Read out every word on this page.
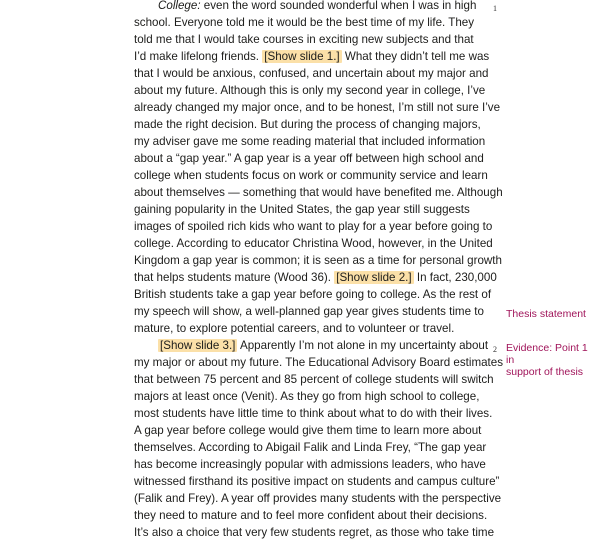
1
2
Thesis statement
Evidence: Point 1 in
support of thesis
College: even the word sounded wonderful when I was in high
school. Everyone told me it would be the best time of my life. They
told me that I would take courses in exciting new subjects and that
I’d make lifelong friends. [Show slide 1.] What they didn’t tell me was
that I would be anxious, confused, and uncertain about my major and
about my future. Although this is only my second year in college, I’ve
already changed my major once, and to be honest, I’m still not sure I’ve
made the right decision. But during the process of changing majors,
my adviser gave me some reading material that included information
about a “gap year.” A gap year is a year off between high school and
college when students focus on work or community service and learn
about themselves — something that would have benefited me. Although
gaining popularity in the United States, the gap year still suggests
images of spoiled rich kids who want to play for a year before going to
college. According to educator Christina Wood, however, in the United
Kingdom a gap year is common; it is seen as a time for personal growth
that helps students mature (Wood 36). [Show slide 2.] In fact, 230,000
British students take a gap year before going to college. As the rest of
my speech will show, a well-planned gap year gives students time to
mature, to explore potential careers, and to volunteer or travel.
[Show slide 3.] Apparently I’m not alone in my uncertainty about
my major or about my future. The Educational Advisory Board estimates
that between 75 percent and 85 percent of college students will switch
majors at least once (Venit). As they go from high school to college,
most students have little time to think about what to do with their lives.
A gap year before college would give them time to learn more about
themselves. According to Abigail Falik and Linda Frey, “The gap year
has become increasingly popular with admissions leaders, who have
witnessed firsthand its positive impact on students and campus culture”
(Falik and Frey). A year off provides many students with the perspective
they need to mature and to feel more confident about their decisions.
It’s also a choice that very few students regret, as those who take time
